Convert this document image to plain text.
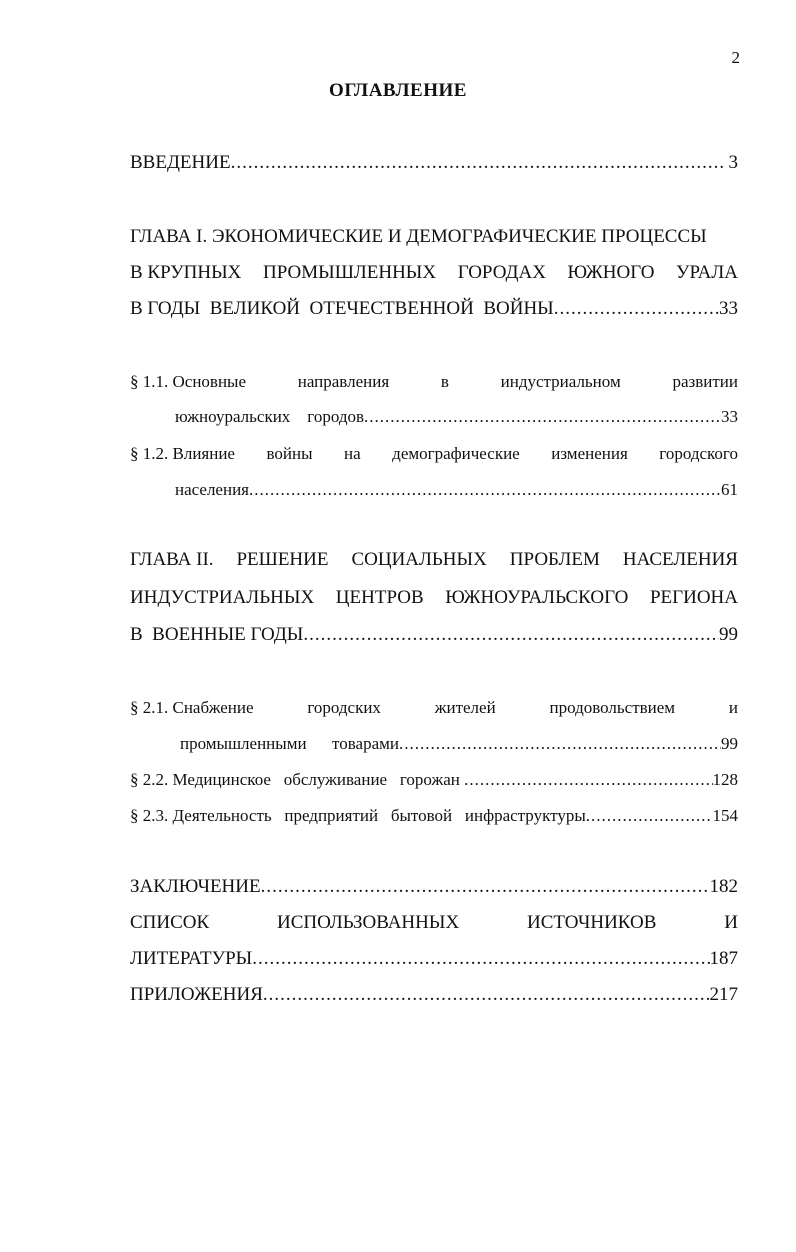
2
ОГЛАВЛЕНИЕ
ВВЕДЕНИЕ .....	3
ГЛАВА I. ЭКОНОМИЧЕСКИЕ И ДЕМОГРАФИЧЕСКИЕ ПРОЦЕССЫ
В КРУПНЫХ ПРОМЫШЛЕННЫХ ГОРОДАХ ЮЖНОГО УРАЛА
В ГОДЫ  ВЕЛИКОЙ  ОТЕЧЕСТВЕННОЙ  ВОЙНЫ .....	33
§ 1.1. Основные	направления	в	индустриальном	развитии
южноуральских    городов .....	33
§ 1.2. Влияние войны на демографические изменения городского
населения .....	61
ГЛАВА II. РЕШЕНИЕ СОЦИАЛЬНЫХ ПРОБЛЕМ НАСЕЛЕНИЯ
ИНДУСТРИАЛЬНЫХ ЦЕНТРОВ ЮЖНОУРАЛЬСКОГО РЕГИОНА
В  ВОЕННЫЕ ГОДЫ .....	99
§ 2.1. Снабжение	городских	жителей	продовольствием	и
промышленными      товарами .....	99
§ 2.2. Медицинское   обслуживание   горожан .....	128
§ 2.3. Деятельность   предприятий   бытовой   инфраструктуры .....	154
ЗАКЛЮЧЕНИЕ .....	182
СПИСОК	ИСПОЛЬЗОВАННЫХ	ИСТОЧНИКОВ	И
ЛИТЕРАТУРЫ .....	187
ПРИЛОЖЕНИЯ .....	217
